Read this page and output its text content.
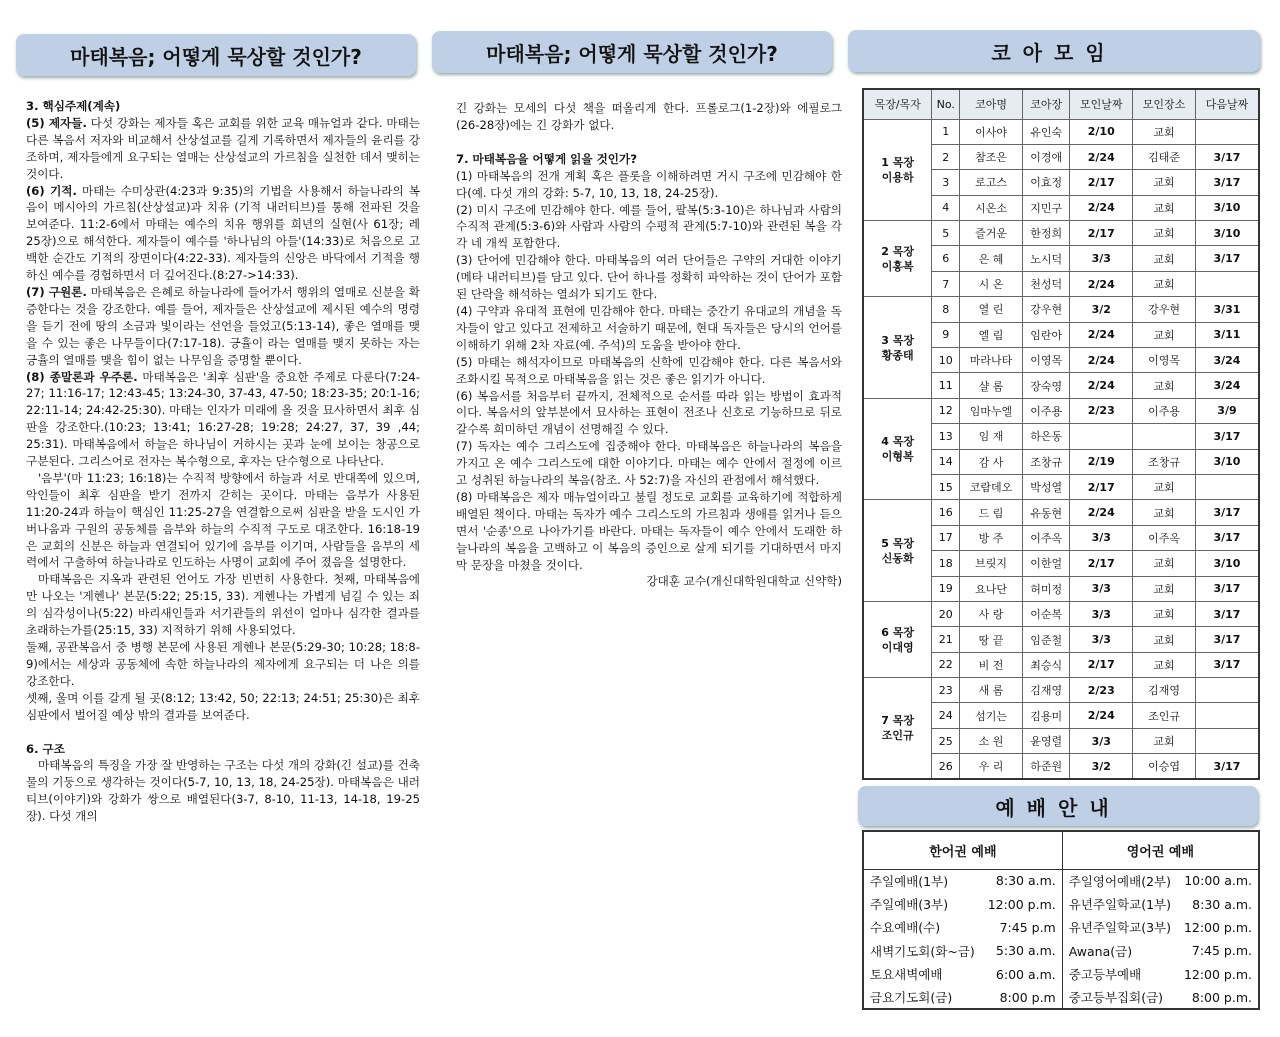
마태복음; 어떻게 묵상할 것인가?	마태복음; 어떻게 묵상할 것인가?	코아모임
예배안내

3. 핵심주제(계속)

(5) 제자들. 다섯 강화는 제자들 혹은 교회를 위한 교육 매뉴얼과 같다. 마태는 다른 복음서 저자와 비교해서 산상설교를 길게 기록하면서 제자들의 윤리를 강조하며, 제자들에게 요구되는 열매는 산상설교의 가르침을 실천한 데서 맺히는 것이다.

(6) 기적. 마태는 수미상관(4:23과 9:35)의 기법을 사용해서 하늘나라의 복음이 메시아의 가르침(산상설교)과 치유 (기적 내러티브)를 통해 전파된 것을 보여준다. 11:2-6에서 마태는 예수의 치유 행위를 희년의 실현(사 61장; 레 25장)으로 해석한다. 제자들이 예수를 '하나님의 아들'(14:33)로 처음으로 고백한 순간도 기적의 장면이다(4:22-33). 제자들의 신앙은 바닥에서 기적을 행하신 예수를 경험하면서 더 깊어진다.(8:27->14:33).

(7) 구원론. 마태복음은 은혜로 하늘나라에 들어가서 행위의 열매로 신분을 확증한다는 것을 강조한다. 예를 들어, 제자들은 산상설교에 제시된 예수의 명령을 듣기 전에 땅의 소금과 빛이라는 선언을 들었고(5:13-14), 좋은 열매를 맺을 수 있는 좋은 나무들이다(7:17-18). 긍휼이 라는 열매를 맺지 못하는 자는 긍휼의 열매를 맺을 힘이 없는 나무임을 증명할 뿐이다.

(8) 종말론과 우주론. 마태복음은 '최후 심판'을 중요한 주제로 다룬다(7:24-27; 11:16-17; 12:43-45; 13:24-30, 37-43, 47-50; 18:23-35; 20:1-16; 22:11-14; 24:42-25:30). 마태는 인자가 미래에 올 것을 묘사하면서 최후 심판을 강조한다.(10:23; 13:41; 16:27-28; 19:28; 24:27, 37, 39 ,44; 25:31). 마태복음에서 하늘은 하나님이 거하시는 곳과 눈에 보이는 창공으로 구분된다. 그리스어로 전자는 복수형으로, 후자는 단수형으로 나타난다.

'음부'(마 11:23; 16:18)는 수직적 방향에서 하늘과 서로 반대쪽에 있으며, 악인들이 최후 심판을 받기 전까지 갇히는 곳이다. 마태는 음부가 사용된 11:20-24과 하늘이 핵심인 11:25-27을 연결함으로써 심판을 받을 도시인 가버나움과 구원의 공동체를 음부와 하늘의 수직적 구도로 대조한다. 16:18-19은 교회의 신분은 하늘과 연결되어 있기에 음부를 이기며, 사람들을 음부의 세력에서 구출하여 하늘나라로 인도하는 사명이 교회에 주어 졌음을 설명한다.

마태복음은 지옥과 관련된 언어도 가장 빈번히 사용한다. 첫째, 마태복음에만 나오는 '게헨나' 본문(5:22; 25:15, 33). 게헨나는 가볍게 넘길 수 있는 죄의 심각성이나(5:22) 바리새인들과 서기관들의 위선이 얼마나 심각한 결과를 초래하는가를(25:15, 33) 지적하기 위해 사용되었다.

둘째, 공관복음서 중 병행 본문에 사용된 게헨나 본문(5:29-30; 10:28; 18:8-9)에서는 세상과 공동체에 속한 하늘나라의 제자에게 요구되는 더 나은 의를 강조한다.

셋째, 울며 이를 갈게 될 곳(8:12; 13:42, 50; 22:13; 24:51; 25:30)은 최후 심판에서 벌어질 예상 밖의 결과를 보여준다.

6. 구조

마태복음의 특징을 가장 잘 반영하는 구조는 다섯 개의 강화(긴 설교)를 건축물의 기둥으로 생각하는 것이다(5-7, 10, 13, 18, 24-25장). 마태복음은 내러티브(이야기)와 강화가 쌍으로 배열된다(3-7, 8-10, 11-13, 14-18, 19-25장). 다섯 개의

긴 강화는 모세의 다섯 책을 떠올리게 한다. 프롤로그(1-2장)와 에필로그(26-28장)에는 긴 강화가 없다.

7. 마태복음을 어떻게 읽을 것인가?

(1) 마태복음의 전개 계획 혹은 플롯을 이해하려면 거시 구조에 민감해야 한다(예. 다섯 개의 강화: 5-7, 10, 13, 18, 24-25장).

(2) 미시 구조에 민감해야 한다. 예를 들어, 팔복(5:3-10)은 하나님과 사람의 수직적 관계(5:3-6)와 사람과 사람의 수평적 관계(5:7-10)와 관련된 복을 각각 네 개씩 포함한다.

(3) 단어에 민감해야 한다. 마태복음의 여러 단어들은 구약의 거대한 이야기(메타 내러티브)를 담고 있다. 단어 하나를 정확히 파악하는 것이 단어가 포함된 단락을 해석하는 열쇠가 되기도 한다.

(4) 구약과 유대적 표현에 민감해야 한다. 마태는 중간기 유대교의 개념을 독자들이 알고 있다고 전제하고 서술하기 때문에, 현대 독자들은 당시의 언어를 이해하기 위해 2차 자료(예. 주석)의 도움을 받아야 한다.

(5) 마태는 해석자이므로 마태복음의 신학에 민감해야 한다. 다른 복음서와 조화시킬 목적으로 마태복음을 읽는 것은 좋은 읽기가 아니다.

(6) 복음서를 처음부터 끝까지, 전체적으로 순서를 따라 읽는 방법이 효과적이다. 복음서의 앞부분에서 묘사하는 표현이 전조나 신호로 기능하므로 뒤로 갈수록 희미하던 개념이 선명해질 수 있다.

(7) 독자는 예수 그리스도에 집중해야 한다. 마태복음은 하늘나라의 복음을 가지고 온 예수 그리스도에 대한 이야기다. 마태는 예수 안에서 절정에 이르고 성취된 하늘나라의 복음(참조. 사 52:7)을 자신의 관점에서 해석했다.

(8) 마태복음은 제자 매뉴얼이라고 불릴 정도로 교회를 교육하기에 적합하게 배열된 책이다. 마태는 독자가 예수 그리스도의 가르침과 생애를 읽거나 듣으면서 '순종'으로 나아가기를 바란다. 마태는 독자들이 예수 안에서 도래한 하늘나라의 복음을 고백하고 이 복음의 증인으로 살게 되기를 기대하면서 마지막 문장을 마쳤을 것이다.

강대훈 교수(개신대학원대학교 신약학)

목장/목자	No.	코아명	코아장	모인날짜	모인장소	다음날짜
1 목장
이용하	1	이사야	유인숙	2/10	교회	
	2	참조은	이경애	2/24	김태준	3/17
	3	로고스	이효정	2/17	교회	3/17
	4	시온소	지민구	2/24	교회	3/10
2 목장
이홍복	5	즐거운	한정희	2/17	교회	3/10
	6	은 혜	노시덕	3/3	교회	3/17
	7	시 온	천성덕	2/24	교회	
3 목장
황종태	8	열 린	강우현	3/2	강우현	3/31
	9	엘 림	임란아	2/24	교회	3/11
	10	마라나타	이영목	2/24	이영목	3/24
	11	샬 롬	장숙영	2/24	교회	3/24
4 목장
이형복	12	임마누엘	이주용	2/23	이주용	3/9
	13	임 재	하은동			3/17
	14	감 사	조창규	2/19	조창규	3/10
	15	코람데오	박성열	2/17	교회	
5 목장
신동화	16	드 림	유동현	2/24	교회	3/17
	17	방 주	이주옥	3/3	이주옥	3/17
	18	브릿지	이한얼	2/17	교회	3/10
	19	요나단	허미정	3/3	교회	3/17
6 목장
이대영	20	사 랑	이순복	3/3	교회	3/17
	21	땅 끝	임준철	3/3	교회	3/17
	22	비 전	최승식	2/17	교회	3/17
7 목장
조인규	23	새 롬	김재영	2/23	김재영	
	24	섬기는	김용미	2/24	조인규	
	25	소 원	윤영렬	3/3	교회	
	26	우 리	하준원	3/2	이승엽	3/17
한어권 예배		영어권 예배	
주일예배(1부)	8:30 a.m.	주일영어예배(2부)	10:00 a.m.
주일예배(3부)	12:00 p.m.	유년주일학교(1부)	8:30 a.m.
수요예배(수)	7:45 p.m	유년주일학교(3부)	12:00 p.m.
새벽기도회(화~금)	5:30 a.m.	Awana(금)	7:45 p.m.
토요새벽예배	6:00 a.m.	중고등부예배	12:00 p.m.
금요기도회(금)	8:00 p.m	중고등부집회(금)	8:00 p.m.
